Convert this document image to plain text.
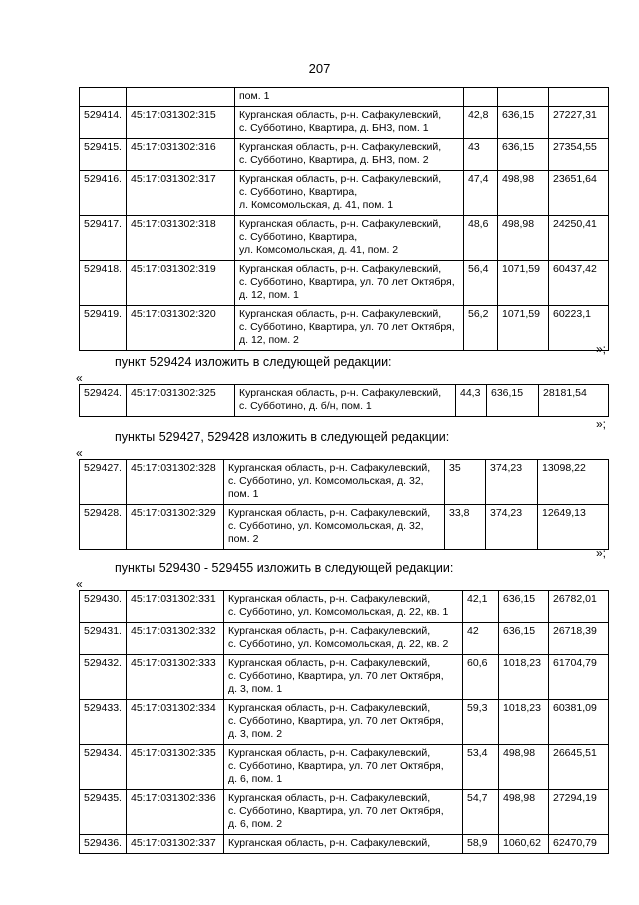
207

		пом. 1			

529414.	45:17:031302:315	Курганская область, р-н. Сафакулевский,
с. Субботино, Квартира, д. БН3, пом. 1	42,8	636,15	27227,31
529415.	45:17:031302:316	Курганская область, р-н. Сафакулевский,
с. Субботино, Квартира, д. БН3, пом. 2	43	636,15	27354,55
529416.	45:17:031302:317	Курганская область, р-н. Сафакулевский,
с. Субботино, Квартира,
л. Комсомольская, д. 41, пом. 1	47,4	498,98	23651,64
529417.	45:17:031302:318	Курганская область, р-н. Сафакулевский,
с. Субботино, Квартира,
ул. Комсомольская, д. 41, пом. 2	48,6	498,98	24250,41
529418.	45:17:031302:319	Курганская область, р-н. Сафакулевский,
с. Субботино, Квартира, ул. 70 лет Октября,
д. 12, пом. 1	56,4	1071,59	60437,42
529419.	45:17:031302:320	Курганская область, р-н. Сафакулевский,
с. Субботино, Квартира, ул. 70 лет Октября,
д. 12, пом. 2	56,2	1071,59	60223,1
»;
пункт 529424 изложить в следующей редакции:
«
529424.	45:17:031302:325	Курганская область, р-н. Сафакулевский,
с. Субботино, д. б/н, пом. 1
	44,3	636,15	28181,54
»;
пункты 529427, 529428 изложить в следующей редакции:
«
529427.	45:17:031302:328	Курганская область, р-н. Сафакулевский,
с. Субботино, ул. Комсомольская, д. 32,
пом. 1	35	374,23	13098,22
529428.	45:17:031302:329	Курганская область, р-н. Сафакулевский,
с. Субботино, ул. Комсомольская, д. 32,
пом. 2	33,8	374,23	12649,13
»;
пункты 529430 - 529455 изложить в следующей редакции:
«
529430.	45:17:031302:331	Курганская область, р-н. Сафакулевский,
с. Субботино, ул. Комсомольская, д. 22, кв. 1	42,1	636,15	26782,01
529431.	45:17:031302:332	Курганская область, р-н. Сафакулевский,
с. Субботино, ул. Комсомольская, д. 22, кв. 2	42	636,15	26718,39
529432.	45:17:031302:333	Курганская область, р-н. Сафакулевский,
с. Субботино, Квартира, ул. 70 лет Октября,
д. 3, пом. 1	60,6	1018,23	61704,79
529433.	45:17:031302:334	Курганская область, р-н. Сафакулевский,
с. Субботино, Квартира, ул. 70 лет Октября,
д. 3, пом. 2	59,3	1018,23	60381,09
529434.	45:17:031302:335	Курганская область, р-н. Сафакулевский,
с. Субботино, Квартира, ул. 70 лет Октября,
д. 6, пом. 1	53,4	498,98	26645,51
529435.	45:17:031302:336	Курганская область, р-н. Сафакулевский,
с. Субботино, Квартира, ул. 70 лет Октября,
д. 6, пом. 2	54,7	498,98	27294,19
529436.	45:17:031302:337	Курганская область, р-н. Сафакулевский,	58,9	1060,62	62470,79
